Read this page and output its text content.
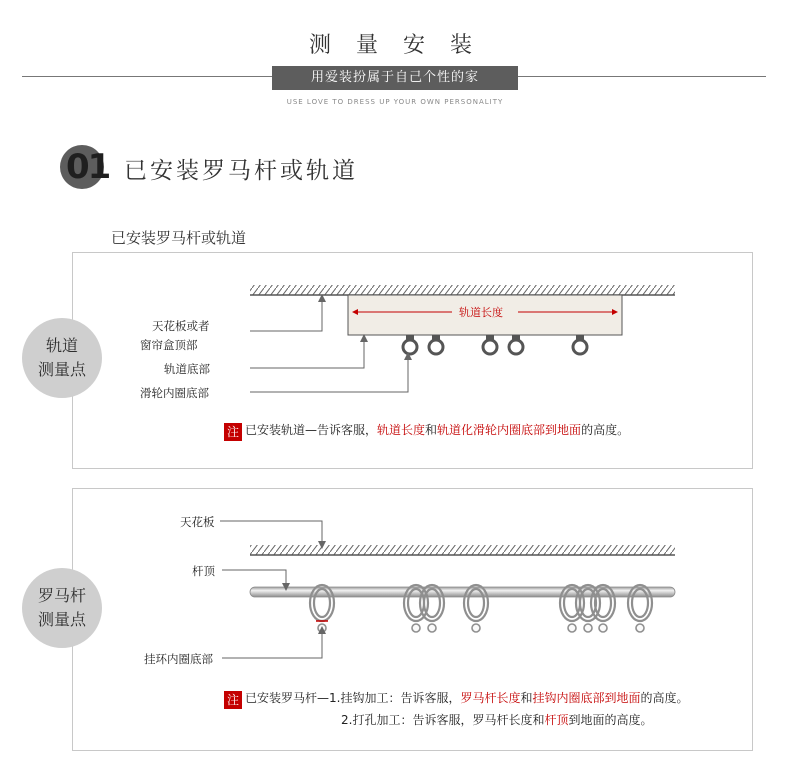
测 量 安 装
用爱装扮属于自己个性的家
USE LOVE TO DRESS UP YOUR OWN PERSONALITY
01 已安装罗马杆或轨道
已安装罗马杆或轨道
轨道
测量点
天花板或者
窗帘盒顶部
轨道底部
滑轮内圈底部
轨道长度
注 已安装轨道—告诉客服，轨道长度和轨道化滑轮内圈底部到地面的高度。
罗马杆
测量点
天花板
杆顶
挂环内圈底部
注 已安装罗马杆—1.挂钩加工：告诉客服，罗马杆长度和挂钩内圈底部到地面的高度。
2.打孔加工：告诉客服，罗马杆长度和杆顶到地面的高度。
